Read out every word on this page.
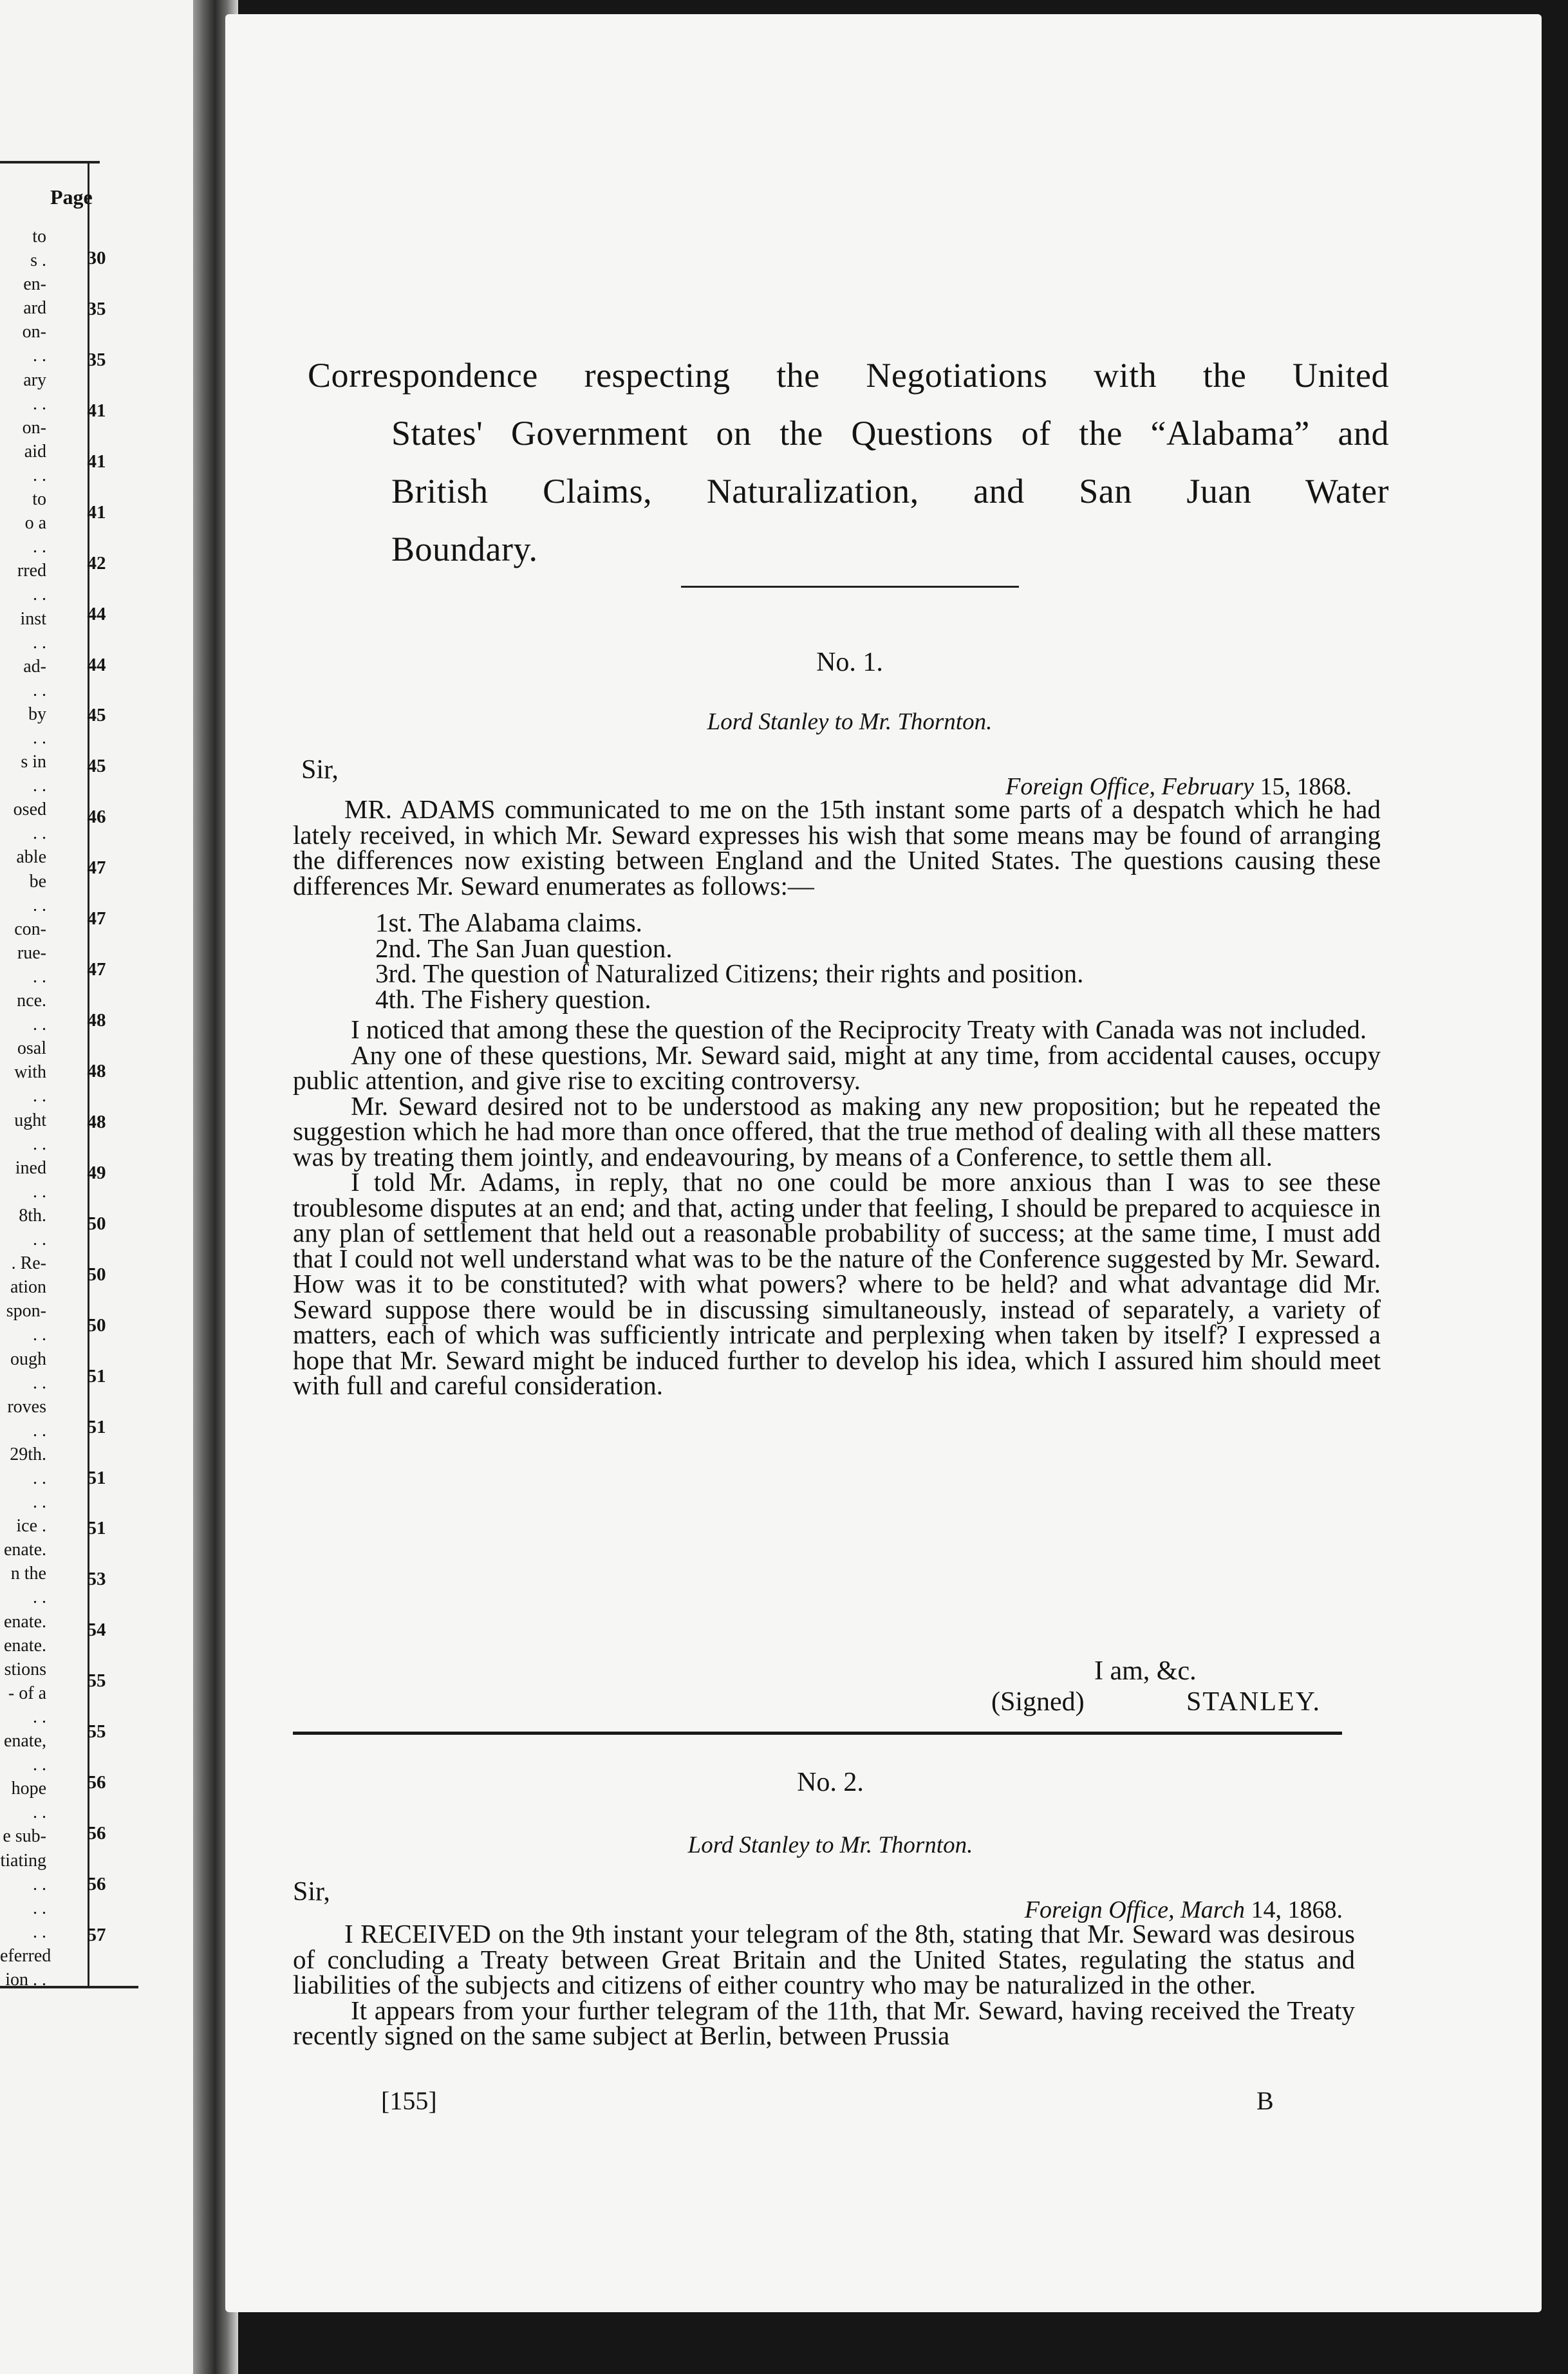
Page
to
s .
en-
ard
on-
. .
ary
. .
on-
aid
. .
to
o a
. .
rred
. .
inst
. .
ad-
. .
by
. .
s in
. .
osed
. .
able
be
. .
con-
rue-
. .
nce.
. .
osal
with
. .
ught
. .
ined
. .
8th.
. .
. Re-
ation
spon-
. .
ough
. .
roves
. .
29th.
. .
. .
ice .
enate.
n the
. .
enate.
enate.
stions
- of a
. .
enate,
. .
hope
. .
e sub-
tiating
. .
. .
. .
eferred
ion . .
30
35
35
41
41
41
42
44
44
45
45
46
47
47
47
48
48
48
49
50
50
50
51
51
51
51
53
54
55
55
56
56
56
57
Correspondence respecting the Negotiations with the United
States' Government on the Questions of the “Alabama” and
British Claims, Naturalization, and San Juan Water
Boundary.
No. 1.
Lord Stanley to Mr. Thornton.
Sir,
Foreign Office, February 15, 1868.

MR. ADAMS communicated to me on the 15th instant some parts of a despatch which he had lately received, in which Mr. Seward expresses his wish that some means may be found of arranging the differences now existing between England and the United States. The questions causing these differences Mr. Seward enumerates as follows:—

1st. The Alabama claims.

2nd. The San Juan question.

3rd. The question of Naturalized Citizens; their rights and position.

4th. The Fishery question.

I noticed that among these the question of the Reciprocity Treaty with Canada was not included.

Any one of these questions, Mr. Seward said, might at any time, from accidental causes, occupy public attention, and give rise to exciting controversy.

Mr. Seward desired not to be understood as making any new proposition; but he repeated the suggestion which he had more than once offered, that the true method of dealing with all these matters was by treating them jointly, and endeavouring, by means of a Conference, to settle them all.

I told Mr. Adams, in reply, that no one could be more anxious than I was to see these troublesome disputes at an end; and that, acting under that feeling, I should be prepared to acquiesce in any plan of settlement that held out a reasonable probability of success; at the same time, I must add that I could not well understand what was to be the nature of the Conference suggested by Mr. Seward. How was it to be constituted? with what powers? where to be held? and what advantage did Mr. Seward suppose there would be in discussing simultaneously, instead of separately, a variety of matters, each of which was sufficiently intricate and perplexing when taken by itself? I expressed a hope that Mr. Seward might be induced further to develop his idea, which I assured him should meet with full and careful consideration.

I am, &c.
(Signed)	STANLEY.
No. 2.
Lord Stanley to Mr. Thornton.
Sir,
Foreign Office, March 14, 1868.

I RECEIVED on the 9th instant your telegram of the 8th, stating that Mr. Seward was desirous of concluding a Treaty between Great Britain and the United States, regulating the status and liabilities of the subjects and citizens of either country who may be naturalized in the other.

It appears from your further telegram of the 11th, that Mr. Seward, having received the Treaty recently signed on the same subject at Berlin, between Prussia

[155]	B
